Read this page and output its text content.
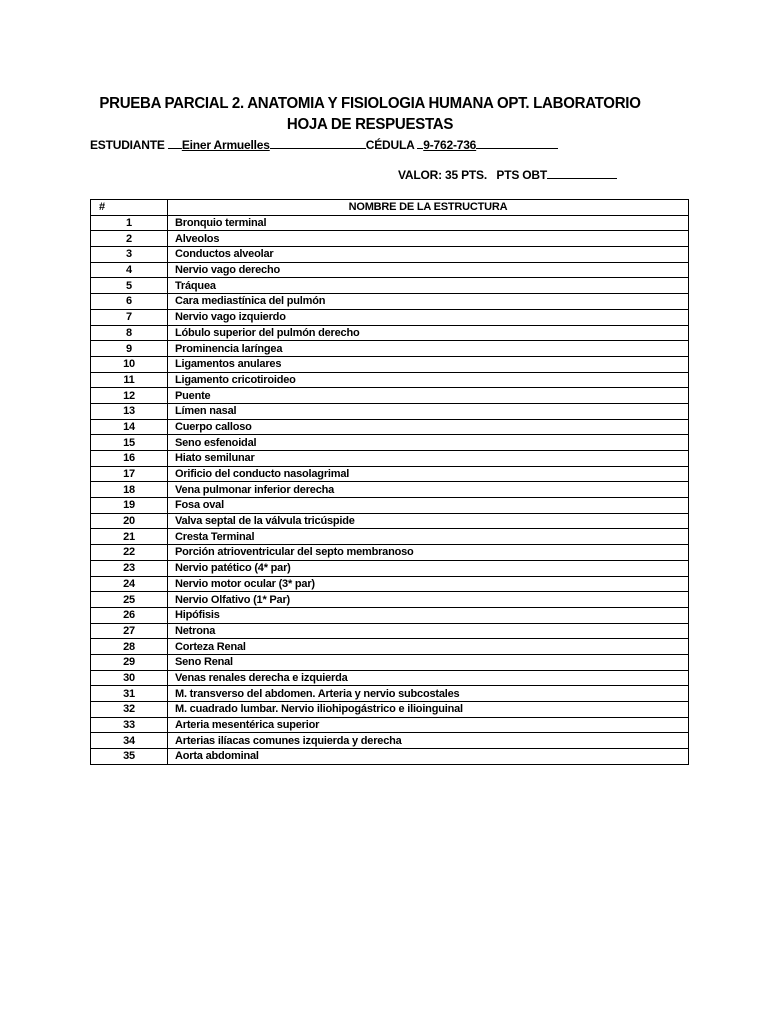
PRUEBA PARCIAL 2. ANATOMIA Y FISIOLOGIA HUMANA OPT. LABORATORIO
HOJA DE RESPUESTAS
ESTUDIANTE Einer Armuelles	CÉDULA 9-762-736
VALOR: 35 PTS. PTS OBT
#	NOMBRE DE LA ESTRUCTURA
1	Bronquio terminal
2	Alveolos
3	Conductos alveolar
4	Nervio vago derecho
5	Tráquea
6	Cara mediastínica del pulmón
7	Nervio vago izquierdo
8	Lóbulo superior del pulmón derecho
9	Prominencia laríngea
10	Ligamentos anulares
11	Ligamento cricotiroideo
12	Puente
13	Límen nasal
14	Cuerpo calloso
15	Seno esfenoidal
16	Hiato semilunar
17	Orificio del conducto nasolagrimal
18	Vena pulmonar inferior derecha
19	Fosa oval
20	Valva septal de la válvula tricúspide
21	Cresta Terminal
22	Porción atrioventricular del septo membranoso
23	Nervio patético (4* par)
24	Nervio motor ocular (3* par)
25	Nervio Olfativo (1* Par)
26	Hipófisis
27	Netrona
28	Corteza Renal
29	Seno Renal
30	Venas renales derecha e izquierda
31	M. transverso del abdomen. Arteria y nervio subcostales
32	M. cuadrado lumbar. Nervio iliohipogástrico e ilioinguinal
33	Arteria mesentérica superior
34	Arterias ilíacas comunes izquierda y derecha
35	Aorta abdominal
